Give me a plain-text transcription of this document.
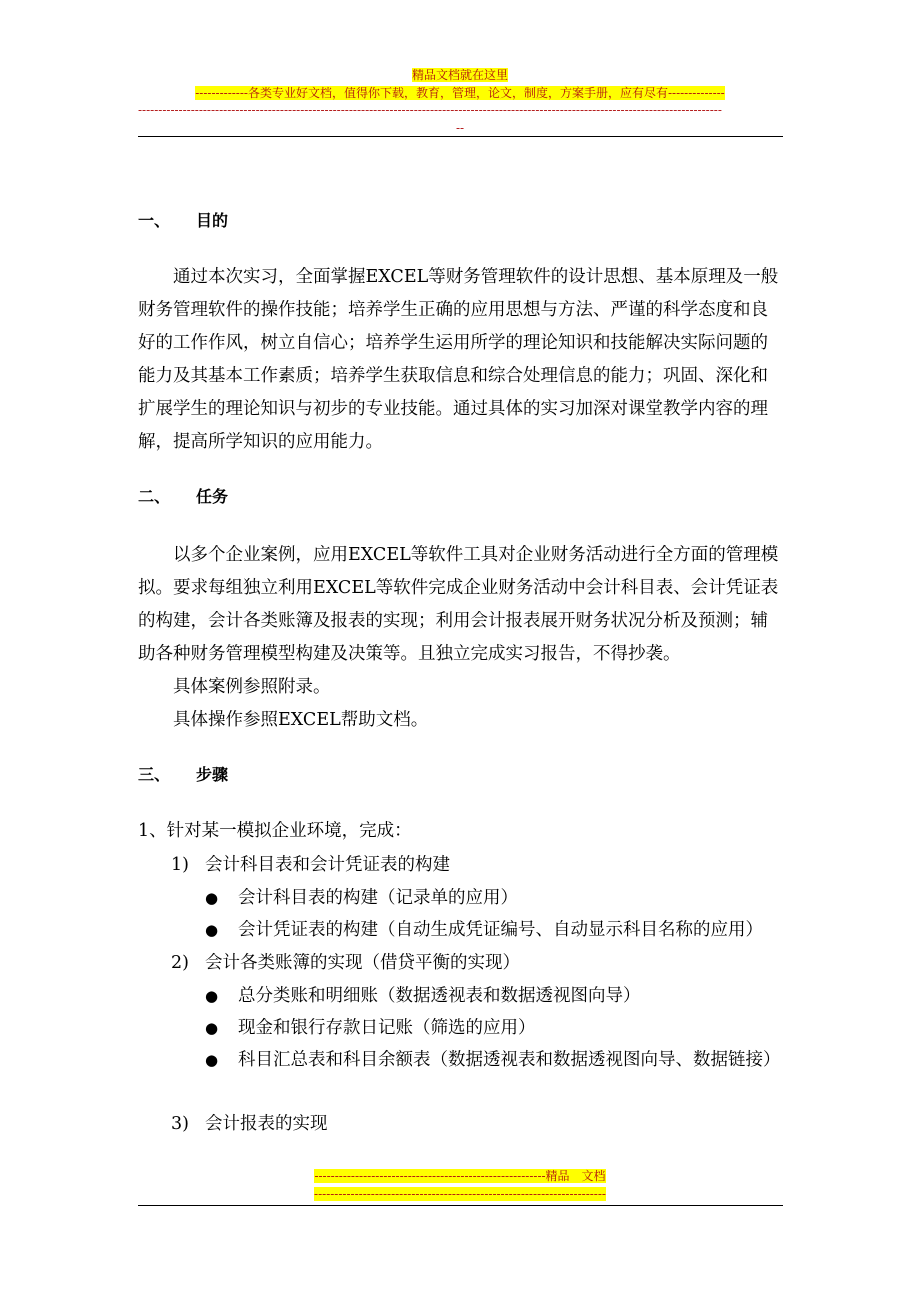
精品文档就在这里
-------------各类专业好文档，值得你下载，教育，管理，论文，制度，方案手册，应有尽有--------------
------------------------------------------------------------------------------------------------------------------------------------------------
--
一、 目的

通过本次实习，全面掌握EXCEL等财务管理软件的设计思想、基本原理及一般财务管理软件的操作技能；培养学生正确的应用思想与方法、严谨的科学态度和良好的工作作风，树立自信心；培养学生运用所学的理论知识和技能解决实际问题的能力及其基本工作素质；培养学生获取信息和综合处理信息的能力；巩固、深化和扩展学生的理论知识与初步的专业技能。通过具体的实习加深对课堂教学内容的理解，提高所学知识的应用能力。

二、 任务

以多个企业案例，应用EXCEL等软件工具对企业财务活动进行全方面的管理模拟。要求每组独立利用EXCEL等软件完成企业财务活动中会计科目表、会计凭证表的构建，会计各类账簿及报表的实现；利用会计报表展开财务状况分析及预测；辅助各种财务管理模型构建及决策等。且独立完成实习报告，不得抄袭。

具体案例参照附录。
具体操作参照EXCEL帮助文档。
三、 步骤
1、针对某一模拟企业环境，完成：
1) 会计科目表和会计凭证表的构建
● 会计科目表的构建（记录单的应用）
● 会计凭证表的构建（自动生成凭证编号、自动显示科目名称的应用）
2) 会计各类账簿的实现（借贷平衡的实现）
● 总分类账和明细账（数据透视表和数据透视图向导）
● 现金和银行存款日记账（筛选的应用）
● 科目汇总表和科目余额表（数据透视表和数据透视图向导、数据链接）
3) 会计报表的实现
---------------------------------------------------------精品　文档
------------------------------------------------------------------------
